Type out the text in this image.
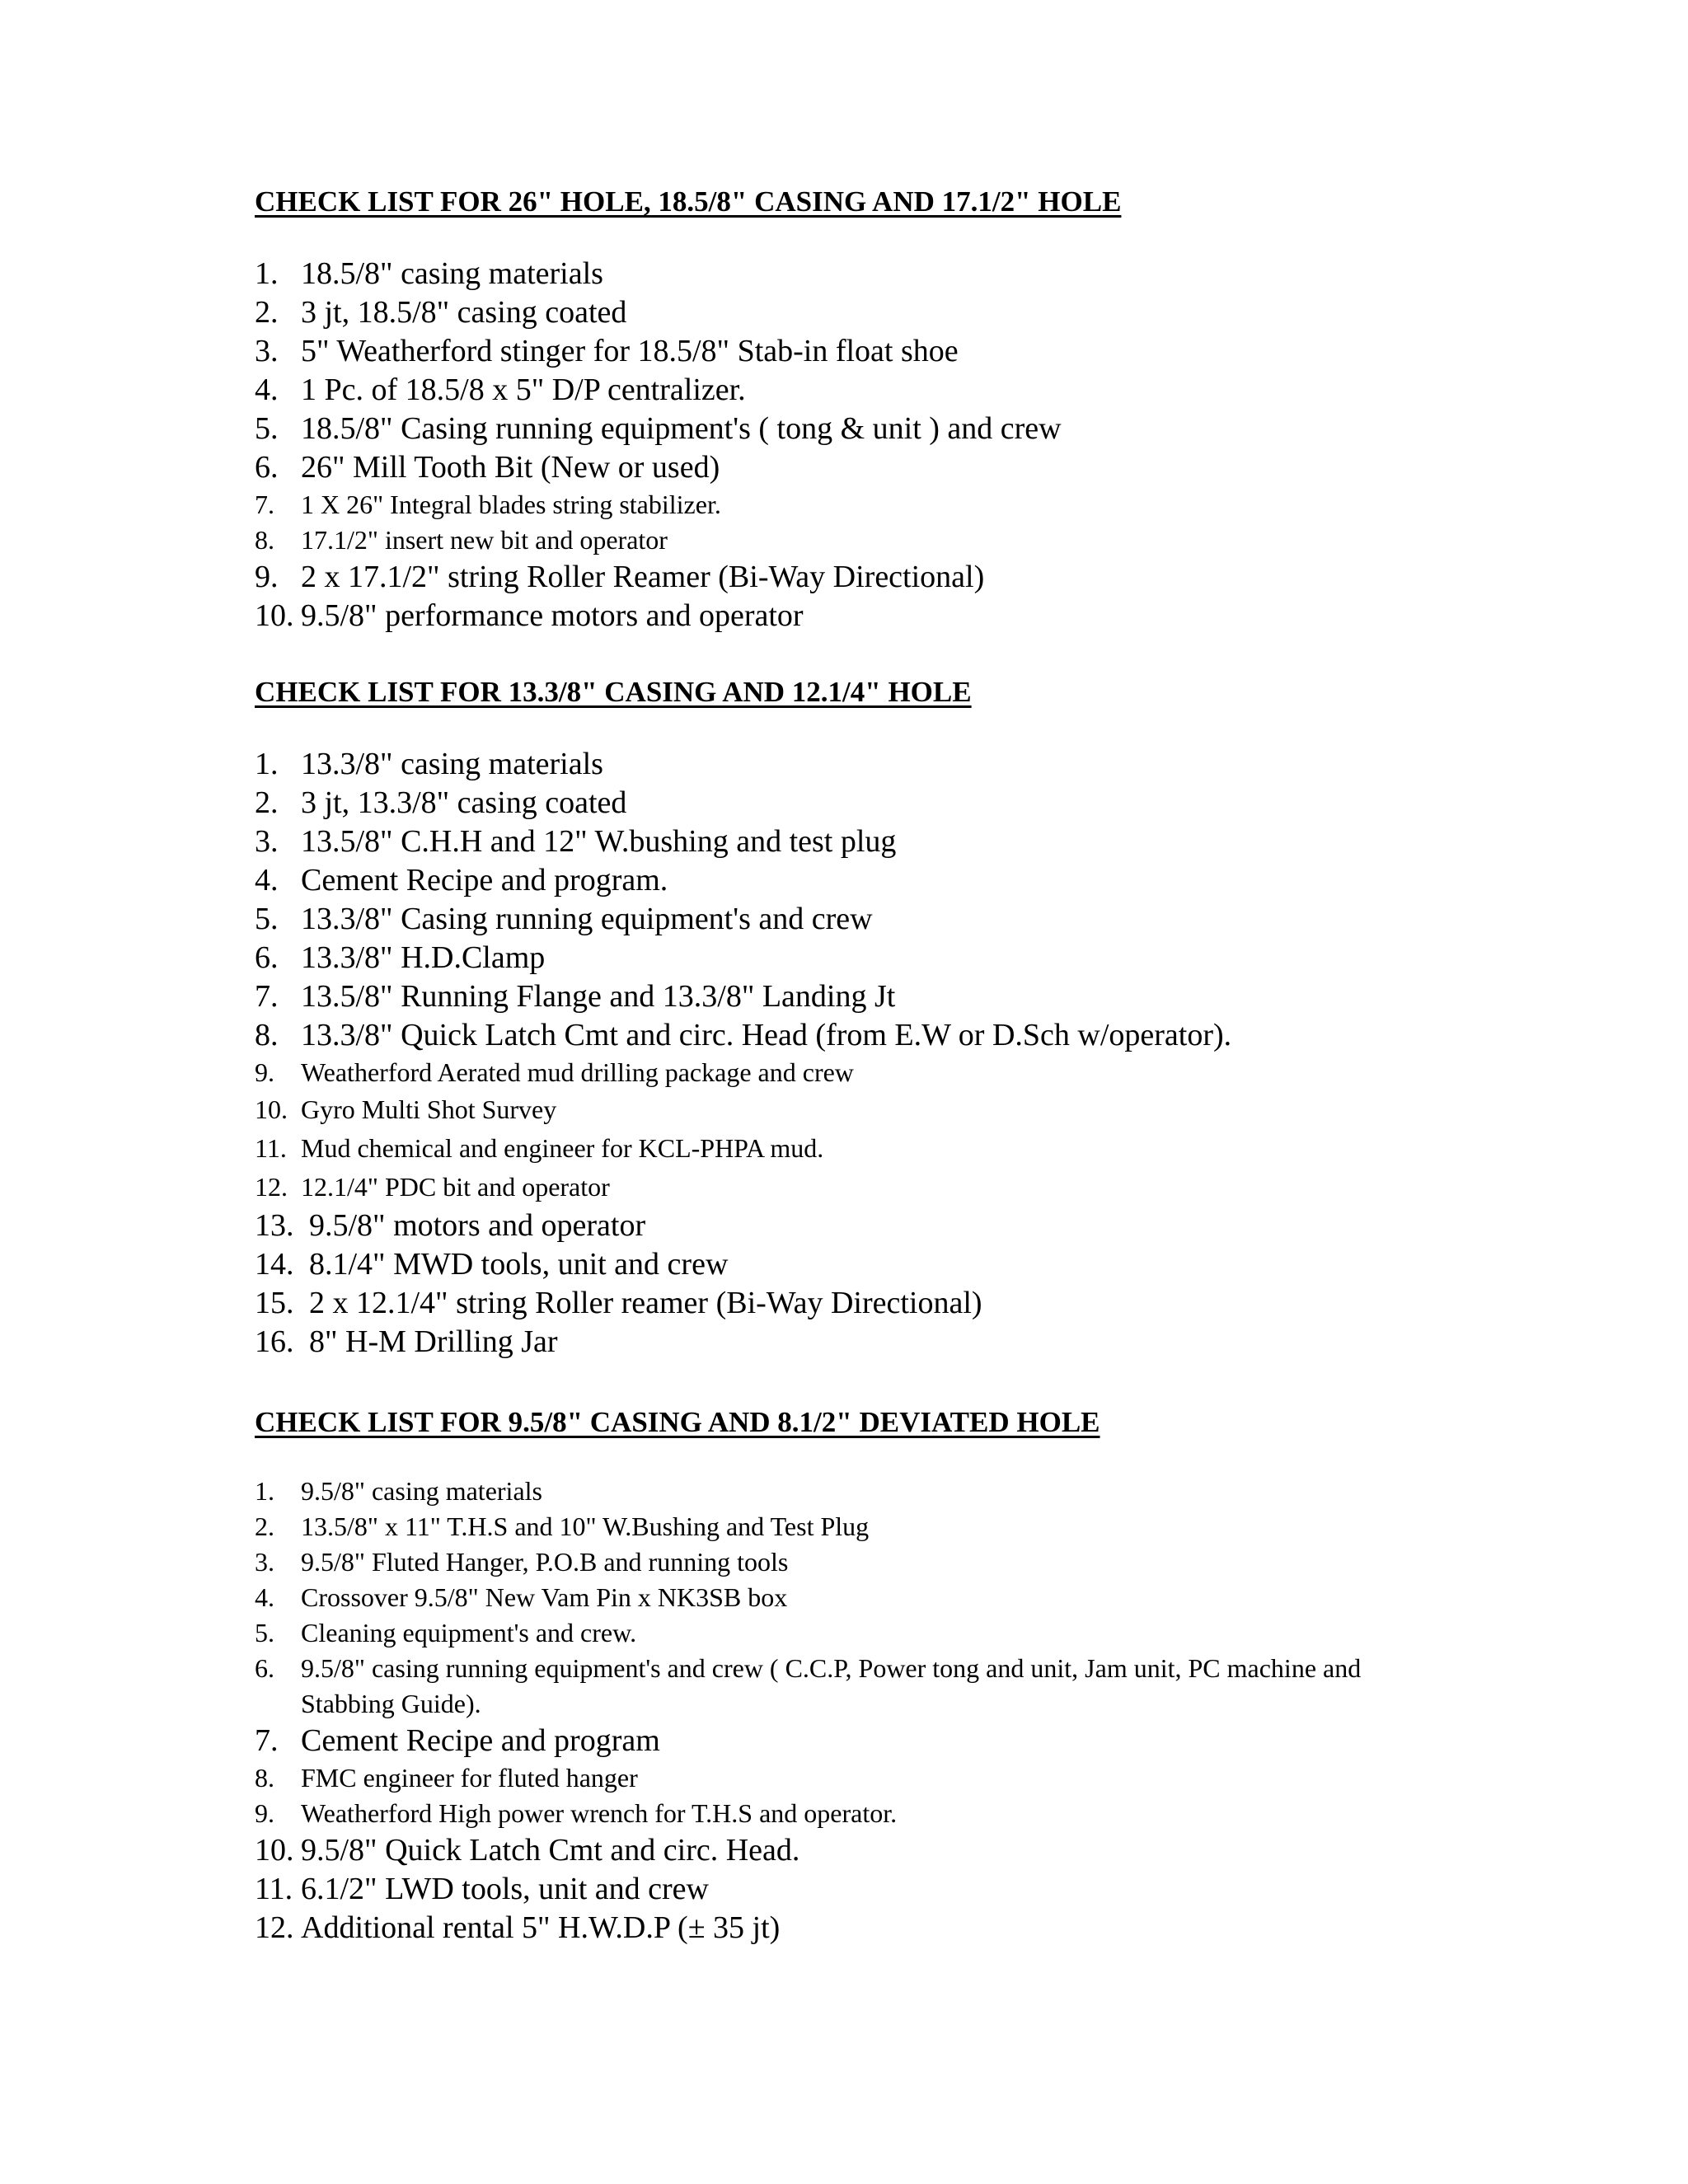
CHECK LIST FOR 26" HOLE, 18.5/8" CASING AND 17.1/2" HOLE
1. 18.5/8" casing materials
2. 3 jt, 18.5/8" casing coated
3. 5" Weatherford stinger for 18.5/8" Stab-in float shoe
4. 1 Pc. of 18.5/8 x 5" D/P centralizer.
5. 18.5/8" Casing running equipment's ( tong & unit ) and crew
6. 26" Mill Tooth Bit (New or used)
7.	1 X 26" Integral blades string stabilizer.
8.	17.1/2" insert new bit and operator
9. 2 x 17.1/2" string Roller Reamer (Bi-Way Directional)
10. 9.5/8" performance motors and operator
CHECK LIST FOR 13.3/8" CASING AND 12.1/4" HOLE
1. 13.3/8" casing materials
2. 3 jt, 13.3/8" casing coated
3. 13.5/8" C.H.H and 12" W.bushing and test plug
4. Cement Recipe and program.
5. 13.3/8" Casing running equipment's and crew
6. 13.3/8" H.D.Clamp
7. 13.5/8" Running Flange and 13.3/8" Landing Jt
8. 13.3/8" Quick Latch Cmt and circ. Head (from E.W or D.Sch w/operator).
9.	Weatherford Aerated mud drilling package and crew
10. Gyro Multi Shot Survey
11. Mud chemical and engineer for KCL-PHPA mud.
12. 12.1/4" PDC bit and operator
13. 9.5/8" motors and operator
14. 8.1/4" MWD tools, unit and crew
15. 2 x 12.1/4" string Roller reamer (Bi-Way Directional)
16. 8" H-M Drilling Jar
CHECK LIST FOR 9.5/8" CASING AND 8.1/2" DEVIATED HOLE
1.	9.5/8" casing materials
2.	13.5/8" x 11" T.H.S and 10" W.Bushing and Test Plug
3.	9.5/8" Fluted Hanger, P.O.B and running tools
4.	Crossover 9.5/8" New Vam Pin x NK3SB box
5.	Cleaning equipment's and crew.
6.	9.5/8" casing running equipment's and crew ( C.C.P, Power tong and unit, Jam unit, PC machine and Stabbing Guide).
7. Cement Recipe and program
8.	FMC engineer for fluted hanger
9.	Weatherford High power wrench for T.H.S and operator.
10. 9.5/8" Quick Latch Cmt and circ. Head.
11. 6.1/2" LWD tools, unit and crew
12. Additional rental 5" H.W.D.P (± 35 jt)
